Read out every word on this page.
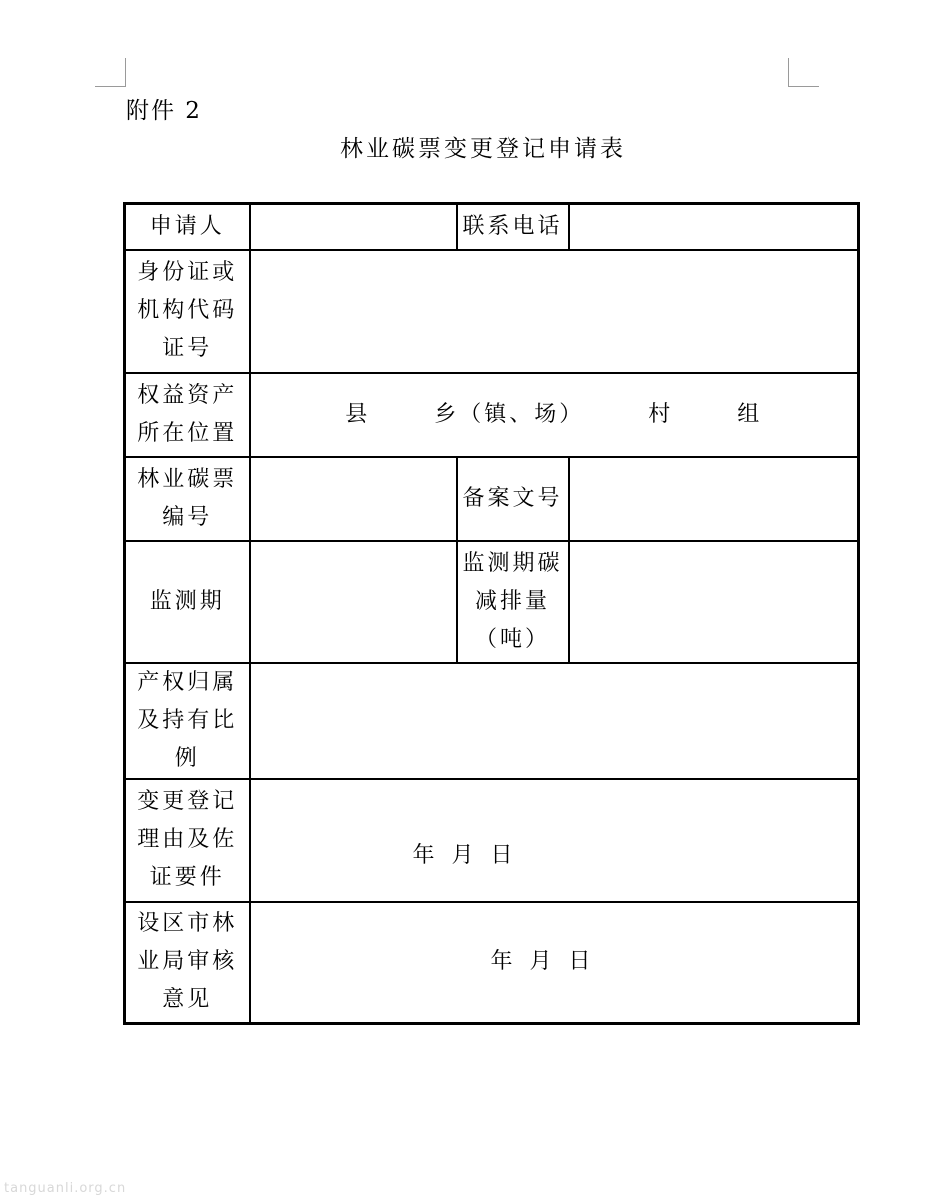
附件 2
林业碳票变更登记申请表
申请人		联系电话	
身份证或机构代码证号			
权益资产所在位置	县 乡（镇、场） 村 组		

林业碳票编号		备案文号	
监测期		监测期碳减排量（吨）	
产权归属及持有比例			
变更登记理由及佐证要件	年 月 日		

设区市林业局审核意见	年 月 日		
tanguanli.org.cn
